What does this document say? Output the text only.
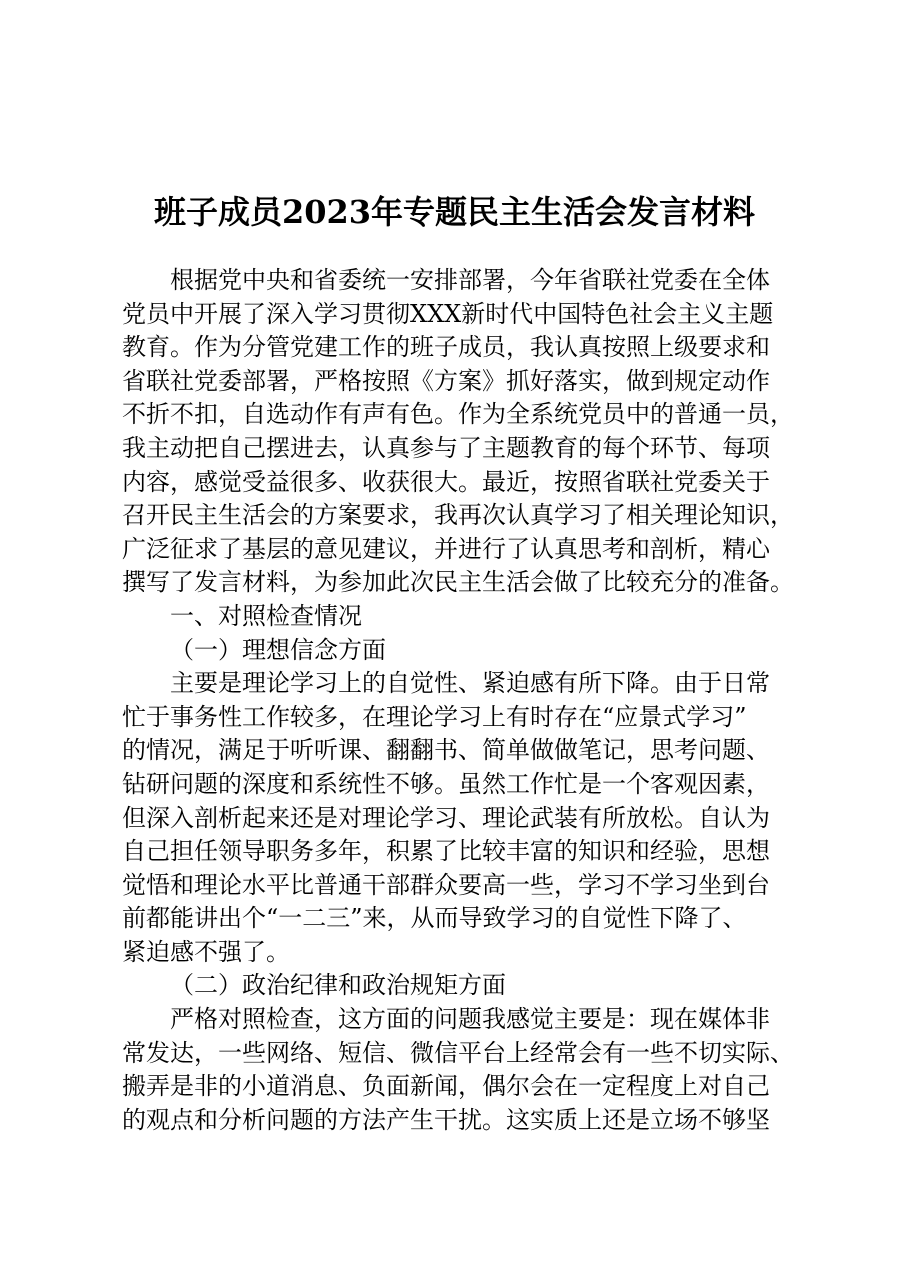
班子成员2023年专题民主生活会发言材料
根据党中央和省委统一安排部署，今年省联社党委在全体
党员中开展了深入学习贯彻XXX新时代中国特色社会主义主题
教育。作为分管党建工作的班子成员，我认真按照上级要求和
省联社党委部署，严格按照《方案》抓好落实，做到规定动作
不折不扣，自选动作有声有色。作为全系统党员中的普通一员，
我主动把自己摆进去，认真参与了主题教育的每个环节、每项
内容，感觉受益很多、收获很大。最近，按照省联社党委关于
召开民主生活会的方案要求，我再次认真学习了相关理论知识，
广泛征求了基层的意见建议，并进行了认真思考和剖析，精心
撰写了发言材料，为参加此次民主生活会做了比较充分的准备。
一、对照检查情况
（一）理想信念方面
主要是理论学习上的自觉性、紧迫感有所下降。由于日常
忙于事务性工作较多，在理论学习上有时存在“应景式学习”
的情况，满足于听听课、翻翻书、简单做做笔记，思考问题、
钻研问题的深度和系统性不够。虽然工作忙是一个客观因素，
但深入剖析起来还是对理论学习、理论武装有所放松。自认为
自己担任领导职务多年，积累了比较丰富的知识和经验，思想
觉悟和理论水平比普通干部群众要高一些，学习不学习坐到台
前都能讲出个“一二三”来，从而导致学习的自觉性下降了、
紧迫感不强了。
（二）政治纪律和政治规矩方面
严格对照检查，这方面的问题我感觉主要是：现在媒体非
常发达，一些网络、短信、微信平台上经常会有一些不切实际、
搬弄是非的小道消息、负面新闻，偶尔会在一定程度上对自己
的观点和分析问题的方法产生干扰。这实质上还是立场不够坚
